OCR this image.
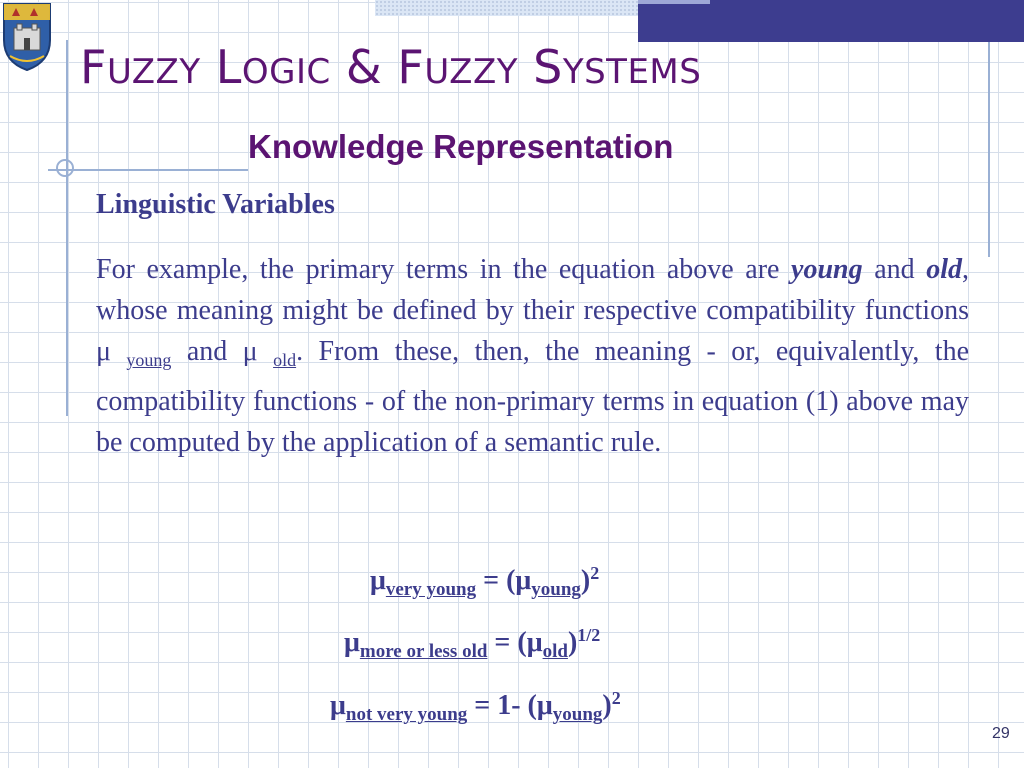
FUZZY LOGIC & FUZZY SYSTEMS
Knowledge Representation
Linguistic Variables

For example, the primary terms in the equation above are young and old, whose meaning might be defined by their respective compatibility functions μ $_{young}$ and μ $_{old}$. From these, then, the meaning - or, equivalently, the compatibility functions - of the non-primary terms in equation (1) above may be computed by the application of a semantic rule.

$\mu_{very young} = (\mu_{young})^2$

$\mu_{more or less old} = (\mu_{old})^{1/2}$

$\mu_{not very young} = 1-$ $(\mu_{young})^2$

29
